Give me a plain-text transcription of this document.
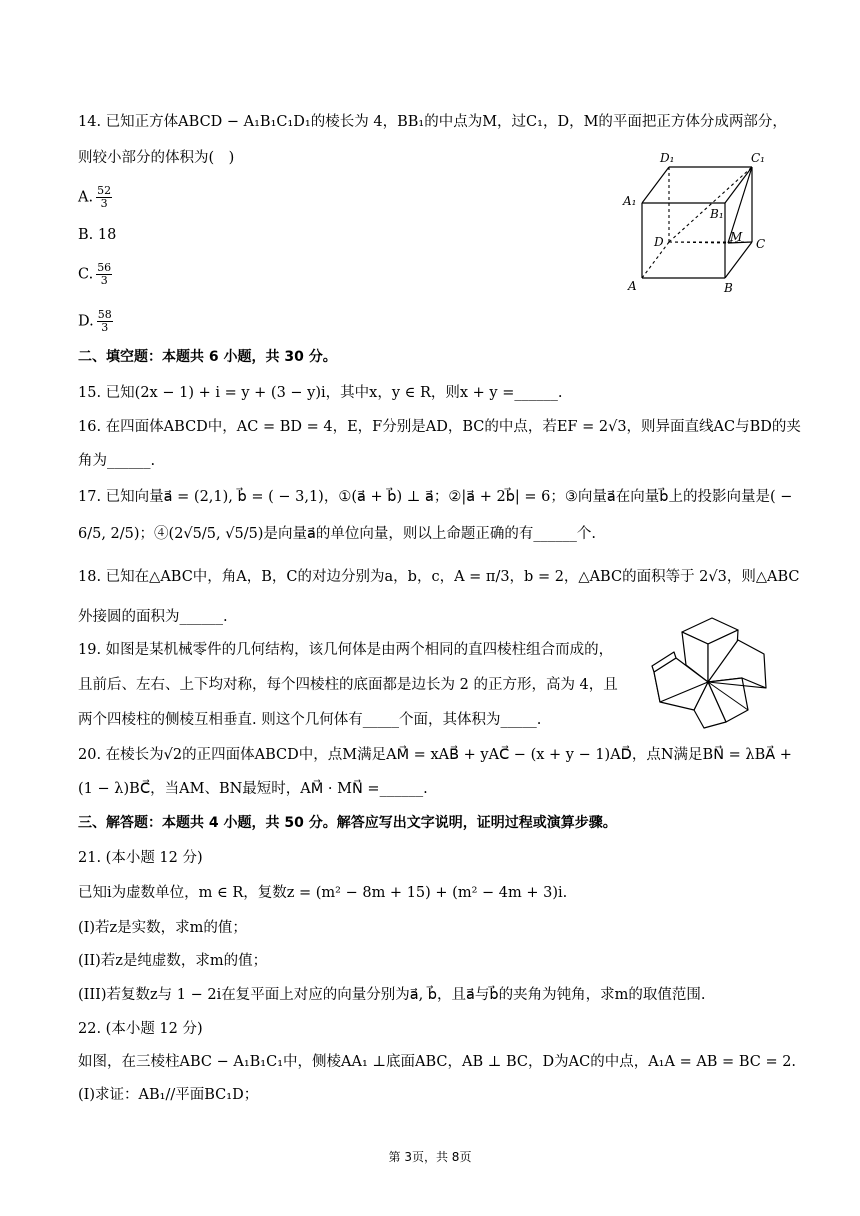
14. 已知正方体ABCD − A₁B₁C₁D₁的棱长为 4，BB₁的中点为M，过C₁，D，M的平面把正方体分成两部分，
则较小部分的体积为(　)
A. $\frac{52}{3}$
B. 18
C. $\frac{56}{3}$
D. $\frac{58}{3}$
D₁	C₁
A₁
B₁
D	M C
A	B
二、填空题：本题共 6 小题，共 30 分。
15. 已知(2x − 1) + i = y + (3 − y)i，其中x，y ∈ R，则x + y =______.
16. 在四面体ABCD中，AC = BD = 4，E，F分别是AD，BC的中点，若EF = 2√3，则异面直线AC与BD的夹
角为______.
17. 已知向量a⃗ = (2,1), b⃗ = ( − 3,1)，①(a⃗ + b⃗) ⊥ a⃗；②|a⃗ + 2b⃗| = 6；③向量a⃗在向量b⃗上的投影向量是( −
6/5, 2/5)；④(2√5/5, √5/5)是向量a⃗的单位向量，则以上命题正确的有______个.
18. 已知在△ABC中，角A，B，C的对边分别为a，b，c，A = π/3，b = 2，△ABC的面积等于 2√3，则△ABC
外接圆的面积为______.
19. 如图是某机械零件的几何结构，该几何体是由两个相同的直四棱柱组合而成的，
且前后、左右、上下均对称，每个四棱柱的底面都是边长为 2 的正方形，高为 4，且
两个四棱柱的侧棱互相垂直. 则这个几何体有_____个面，其体积为_____.
20. 在棱长为√2的正四面体ABCD中，点M满足AM⃗ = xAB⃗ + yAC⃗ − (x + y − 1)AD⃗，点N满足BN⃗ = λBA⃗ +
(1 − λ)BC⃗，当AM、BN最短时，AM⃗ · MN⃗ =______.
三、解答题：本题共 4 小题，共 50 分。解答应写出文字说明，证明过程或演算步骤。
21. (本小题 12 分)
已知i为虚数单位，m ∈ R，复数z = (m² − 8m + 15) + (m² − 4m + 3)i.
(I)若z是实数，求m的值；
(II)若z是纯虚数，求m的值；
(III)若复数z与 1 − 2i在复平面上对应的向量分别为a⃗, b⃗，且a⃗与b⃗的夹角为钝角，求m的取值范围.
22. (本小题 12 分)
如图，在三棱柱ABC − A₁B₁C₁中，侧棱AA₁ ⊥底面ABC，AB ⊥ BC，D为AC的中点，A₁A = AB = BC = 2.
(I)求证：AB₁//平面BC₁D；
第 3页，共 8页
